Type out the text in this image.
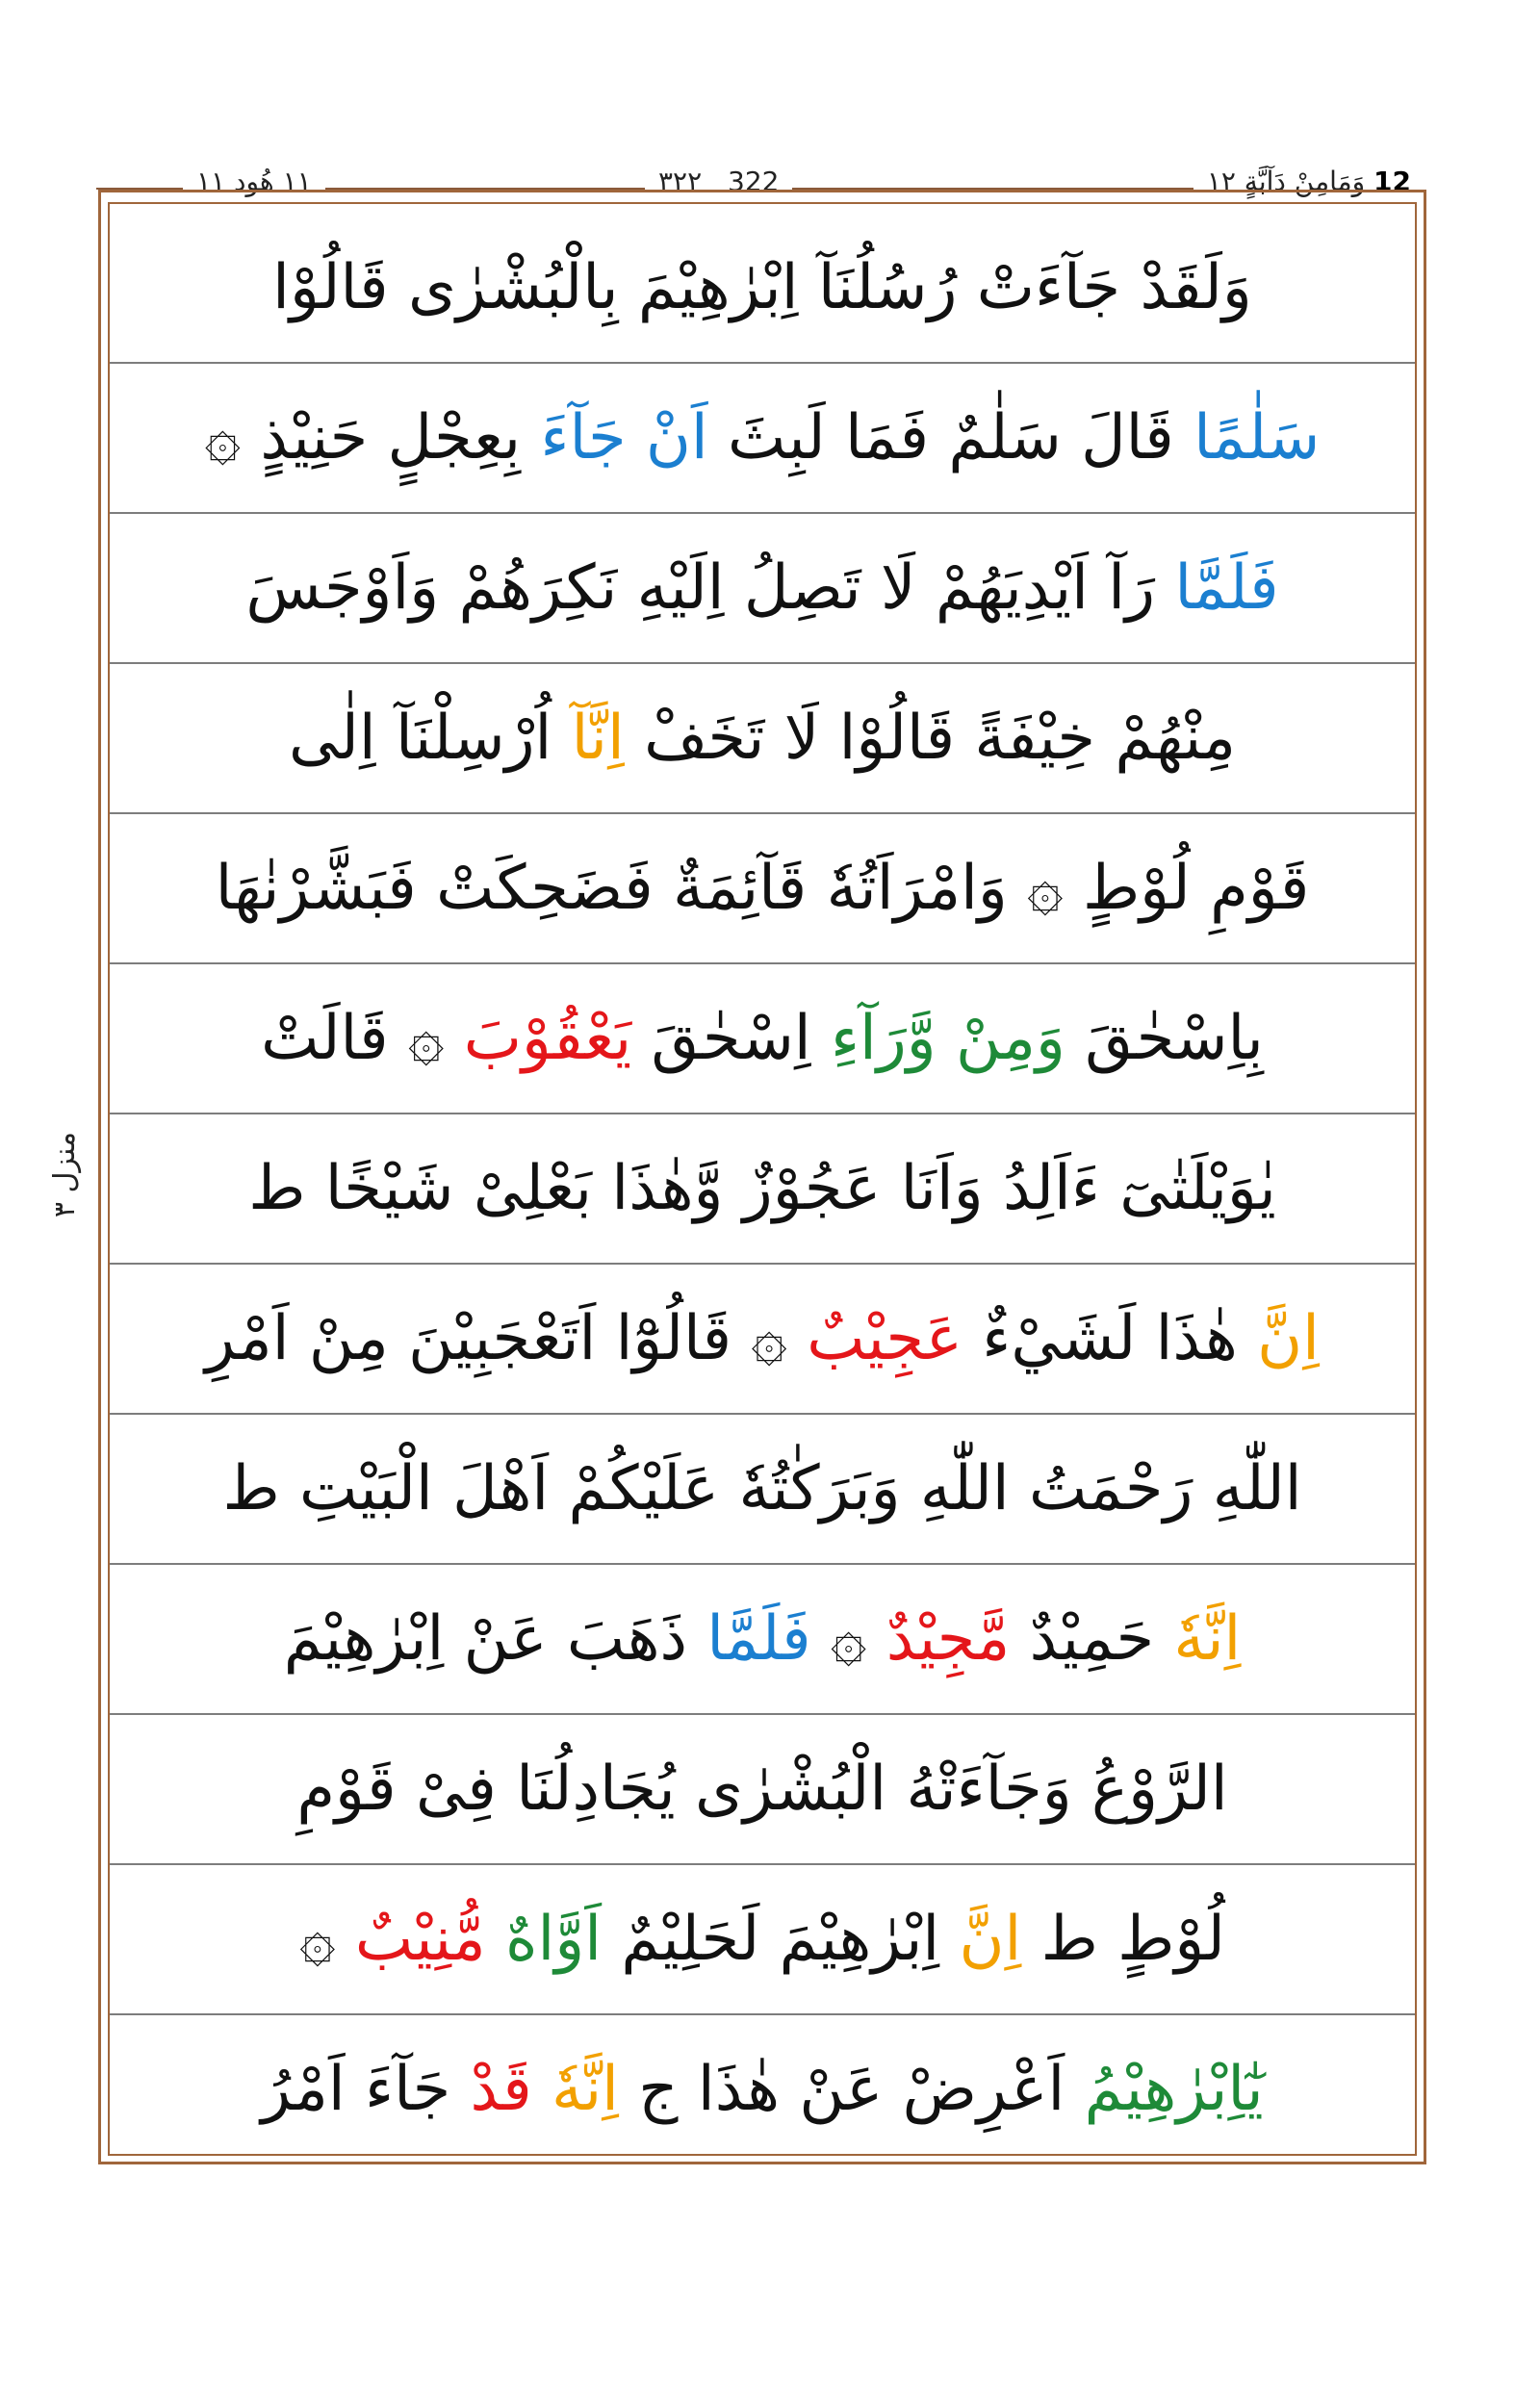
١١ هُود ١١	٣٢٢ 322	12 وَمَامِنْ دَآبَّةٍ ١٢
منزل ٣
وَلَقَدْ جَآءَتْ رُسُلُنَآ اِبْرٰهِيْمَ بِالْبُشْرٰى قَالُوْا
سَلٰمًا قَالَ سَلٰمٌ فَمَا لَبِثَ اَنْ جَآءَ بِعِجْلٍ حَنِيْذٍ ۞
فَلَمَّا رَآ اَيْدِيَهُمْ لَا تَصِلُ اِلَيْهِ نَكِرَهُمْ وَاَوْجَسَ
مِنْهُمْ خِيْفَةً قَالُوْا لَا تَخَفْ اِنَّآ اُرْسِلْنَآ اِلٰى
قَوْمِ لُوْطٍ ۞ وَامْرَاَتُهٗ قَآئِمَةٌ فَضَحِكَتْ فَبَشَّرْنٰهَا
بِاِسْحٰقَ وَمِنْ وَّرَآءِ اِسْحٰقَ يَعْقُوْبَ ۞ قَالَتْ
يٰوَيْلَتٰىٓ ءَاَلِدُ وَاَنَا عَجُوْزٌ وَّهٰذَا بَعْلِىْ شَيْخًا ط
اِنَّ هٰذَا لَشَيْءٌ عَجِيْبٌ ۞ قَالُوْٓا اَتَعْجَبِيْنَ مِنْ اَمْرِ
اللّٰهِ رَحْمَتُ اللّٰهِ وَبَرَكٰتُهٗ عَلَيْكُمْ اَهْلَ الْبَيْتِ ط
اِنَّهٗ حَمِيْدٌ مَّجِيْدٌ ۞ فَلَمَّا ذَهَبَ عَنْ اِبْرٰهِيْمَ
الرَّوْعُ وَجَآءَتْهُ الْبُشْرٰى يُجَادِلُنَا فِىْ قَوْمِ
لُوْطٍ ط اِنَّ اِبْرٰهِيْمَ لَحَلِيْمٌ اَوَّاهٌ مُّنِيْبٌ ۞
يٰٓاِبْرٰهِيْمُ اَعْرِضْ عَنْ هٰذَا ج اِنَّهٗ قَدْ جَآءَ اَمْرُ
